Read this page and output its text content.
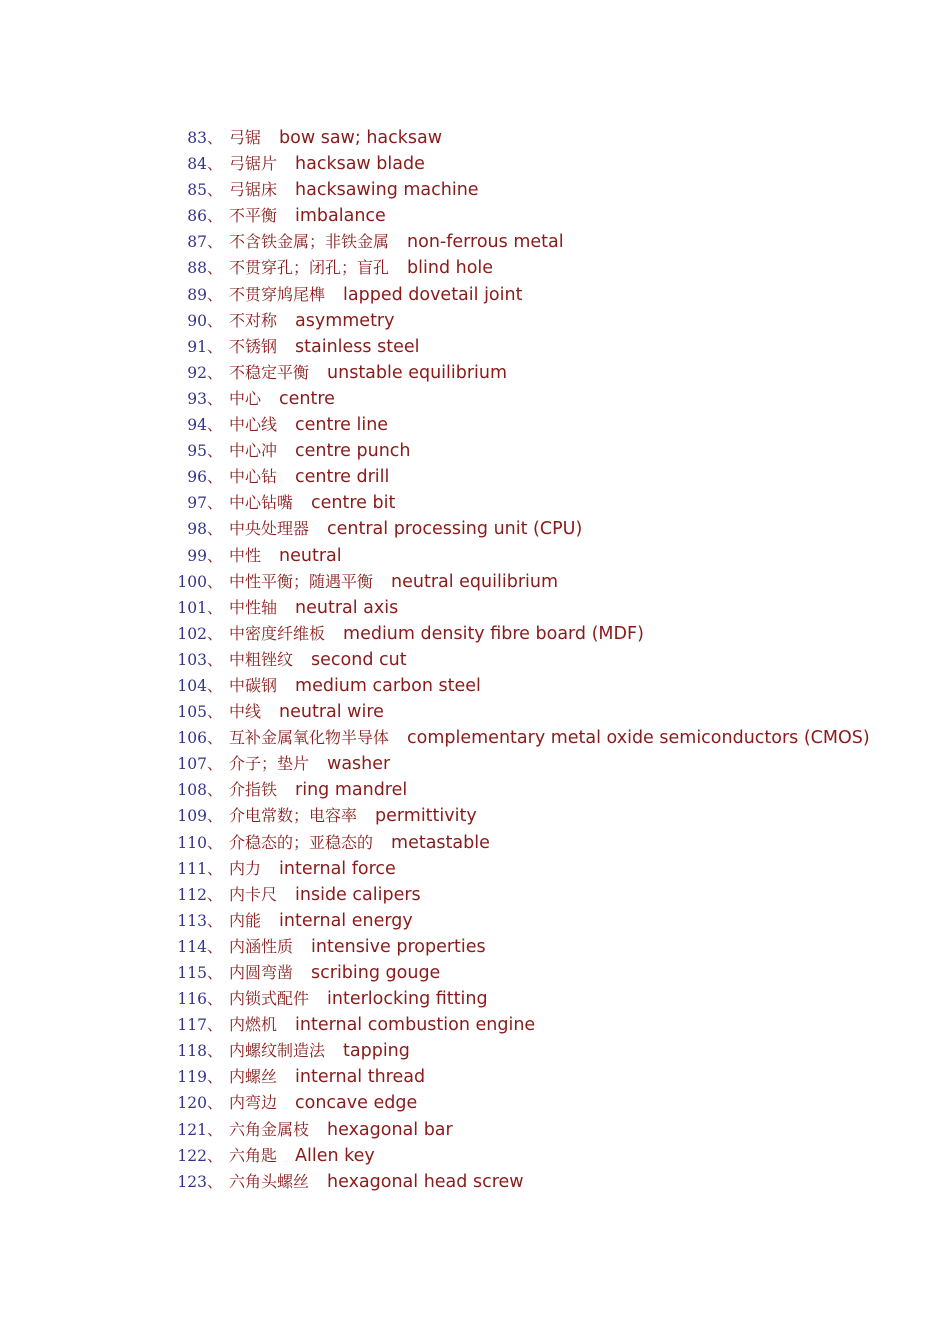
83、 弓锯 bow saw; hacksaw
84、 弓锯片 hacksaw blade
85、 弓锯床 hacksawing machine
86、 不平衡 imbalance
87、 不含铁金属；非铁金属 non-ferrous metal
88、 不贯穿孔；闭孔；盲孔 blind hole
89、 不贯穿鸠尾榫 lapped dovetail joint
90、 不对称 asymmetry
91、 不锈钢 stainless steel
92、 不稳定平衡 unstable equilibrium
93、 中心 centre
94、 中心线 centre line
95、 中心冲 centre punch
96、 中心钻 centre drill
97、 中心钻嘴 centre bit
98、 中央处理器 central processing unit (CPU)
99、 中性 neutral
100、 中性平衡；随遇平衡 neutral equilibrium
101、 中性轴 neutral axis
102、 中密度纤维板 medium density fibre board (MDF)
103、 中粗锉纹 second cut
104、 中碳钢 medium carbon steel
105、 中线 neutral wire
106、 互补金属氧化物半导体 complementary metal oxide semiconductors (CMOS)
107、 介子；垫片 washer
108、 介指铁 ring mandrel
109、 介电常数；电容率 permittivity
110、 介稳态的；亚稳态的 metastable
111、 内力 internal force
112、 内卡尺 inside calipers
113、 内能 internal energy
114、 内涵性质 intensive properties
115、 内圆弯凿 scribing gouge
116、 内锁式配件 interlocking fitting
117、 内燃机 internal combustion engine
118、 内螺纹制造法 tapping
119、 内螺丝 internal thread
120、 内弯边 concave edge
121、 六角金属枝 hexagonal bar
122、 六角匙 Allen key
123、 六角头螺丝 hexagonal head screw
